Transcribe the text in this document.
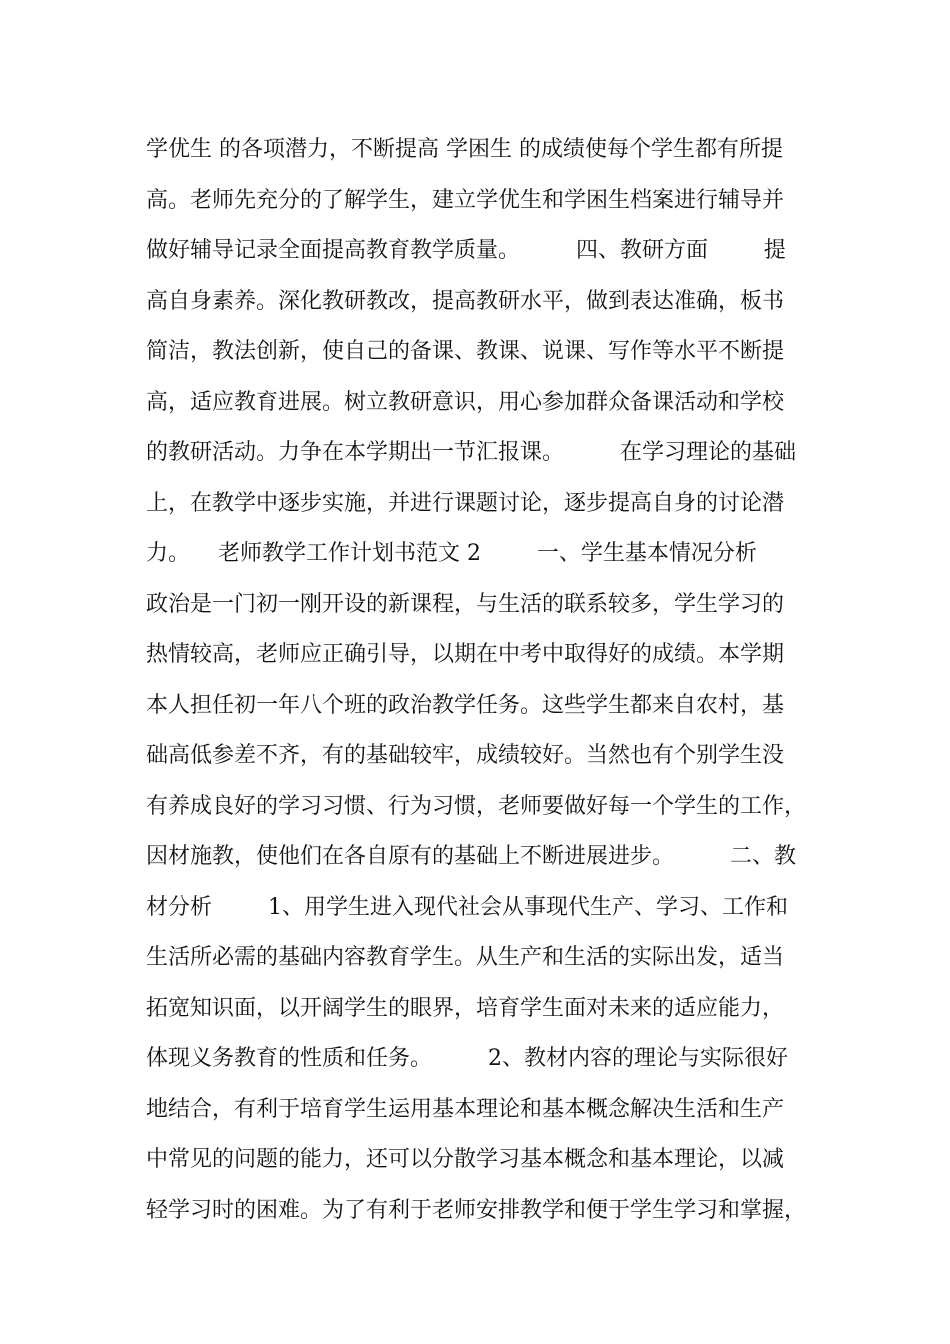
学优生 的各项潜力，不断提高 学困生 的成绩使每个学生都有所提
高。老师先充分的了解学生，建立学优生和学困生档案进行辅导并
做好辅导记录全面提高教育教学质量。        四、教研方面        提
高自身素养。深化教研教改，提高教研水平，做到表达准确，板书
简洁，教法创新，使自己的备课、教课、说课、写作等水平不断提
高，适应教育进展。树立教研意识，用心参加群众备课活动和学校
的教研活动。力争在本学期出一节汇报课。        在学习理论的基础
上，在教学中逐步实施，并进行课题讨论，逐步提高自身的讨论潜
力。    老师教学工作计划书范文 2        一、学生基本情况分析
政治是一门初一刚开设的新课程，与生活的联系较多，学生学习的
热情较高，老师应正确引导，以期在中考中取得好的成绩。本学期
本人担任初一年八个班的政治教学任务。这些学生都来自农村，基
础高低参差不齐，有的基础较牢，成绩较好。当然也有个别学生没
有养成良好的学习习惯、行为习惯，老师要做好每一个学生的工作，
因材施教，使他们在各自原有的基础上不断进展进步。        二、教
材分析        1、用学生进入现代社会从事现代生产、学习、工作和
生活所必需的基础内容教育学生。从生产和生活的实际出发，适当
拓宽知识面，以开阔学生的眼界，培育学生面对未来的适应能力，
体现义务教育的性质和任务。        2、教材内容的理论与实际很好
地结合，有利于培育学生运用基本理论和基本概念解决生活和生产
中常见的问题的能力，还可以分散学习基本概念和基本理论，以减
轻学习时的困难。为了有利于老师安排教学和便于学生学习和掌握，
